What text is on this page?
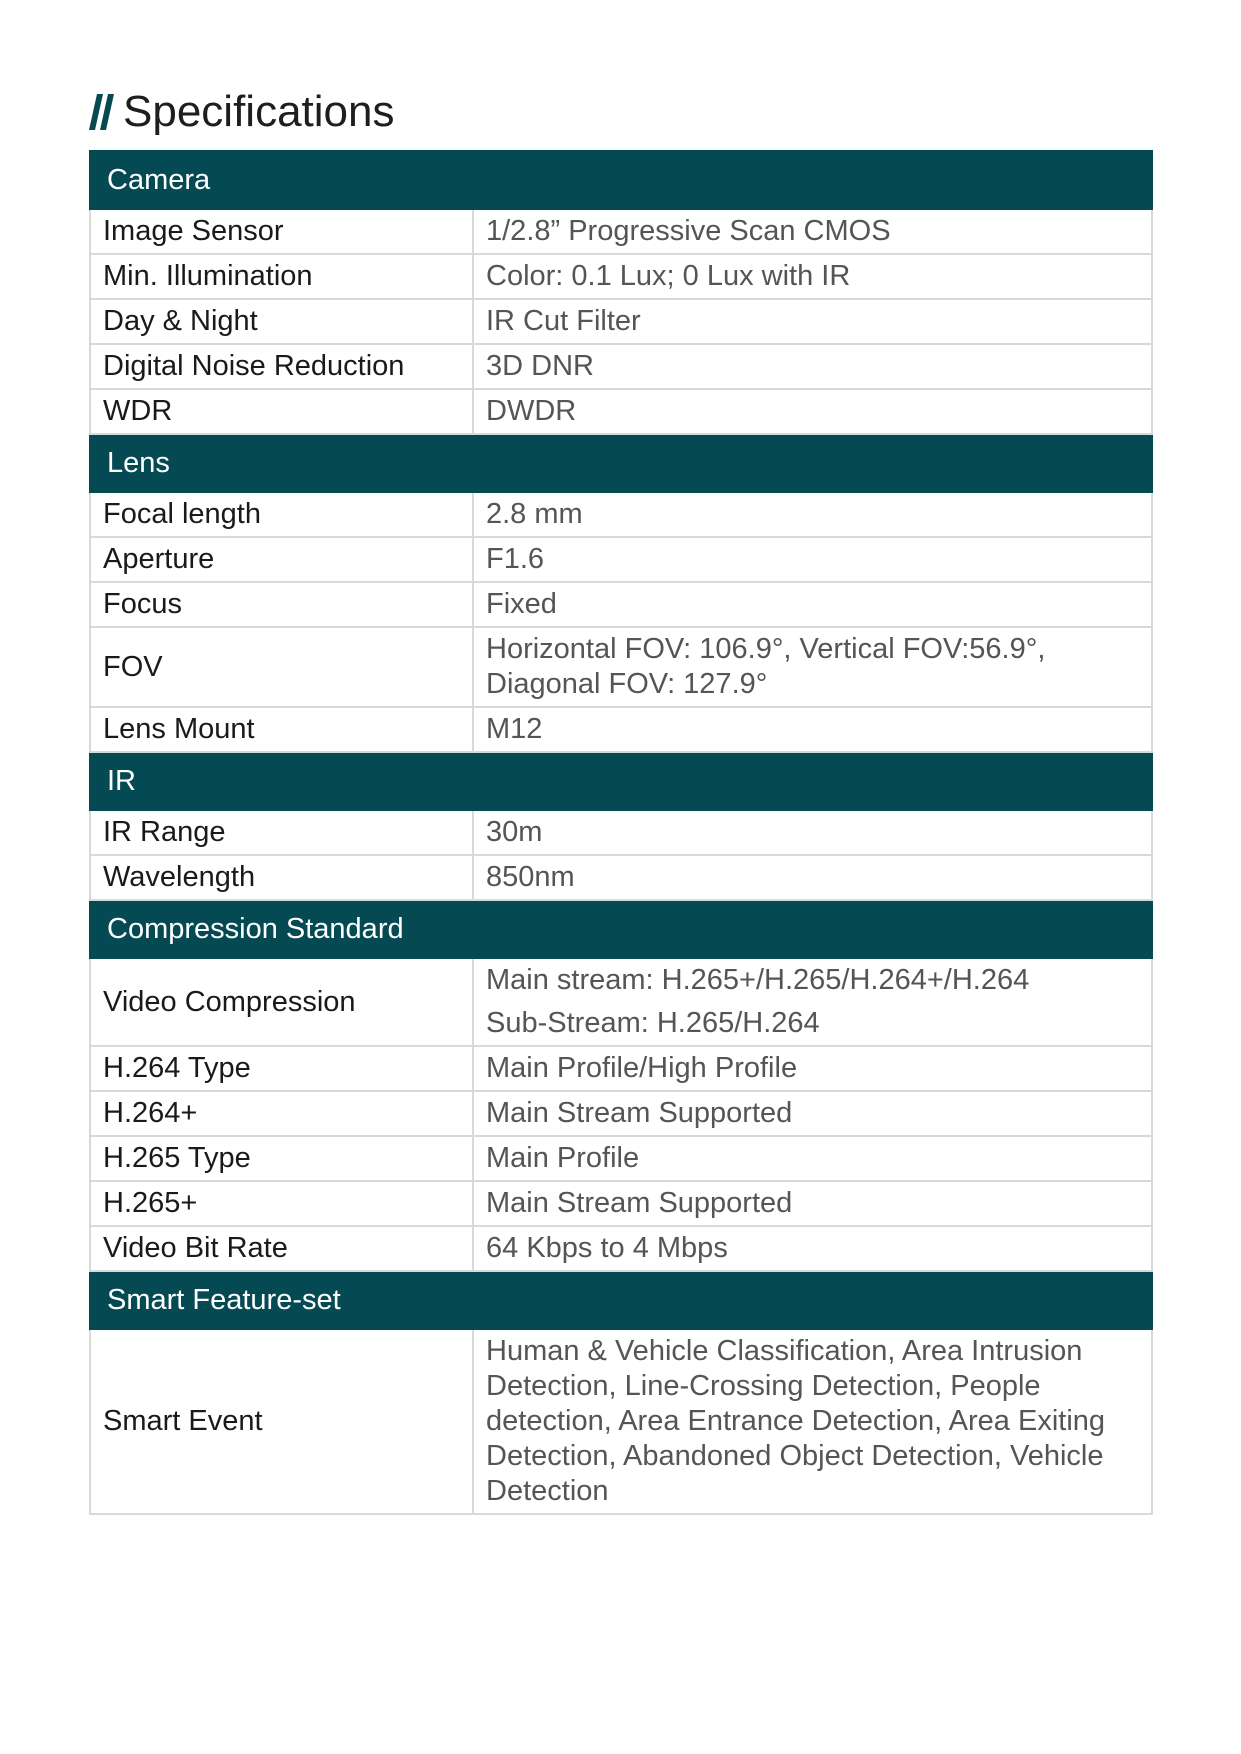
Specifications
Camera	
Image Sensor	1/2.8” Progressive Scan CMOS

Min. Illumination	Color: 0.1 Lux; 0 Lux with IR

Day & Night	IR Cut Filter

Digital Noise Reduction	3D DNR

WDR	DWDR

Lens	
Focal length	2.8 mm

Aperture	F1.6

Focus	Fixed

FOV	Horizontal FOV: 106.9°, Vertical FOV:56.9°,
Diagonal FOV: 127.9°

Lens Mount	M12

IR	
IR Range	30m

Wavelength	850nm

Compression Standard	
Video Compression	Main stream: H.265+/H.265/H.264+/H.264
Sub-Stream: H.265/H.264

H.264 Type	Main Profile/High Profile

H.264+	Main Stream Supported

H.265 Type	Main Profile

H.265+	Main Stream Supported

Video Bit Rate	64 Kbps to 4 Mbps

Smart Feature-set	
Smart Event	Human & Vehicle Classification, Area Intrusion
Detection, Line-Crossing Detection, People
detection, Area Entrance Detection, Area Exiting
Detection, Abandoned Object Detection, Vehicle
Detection
